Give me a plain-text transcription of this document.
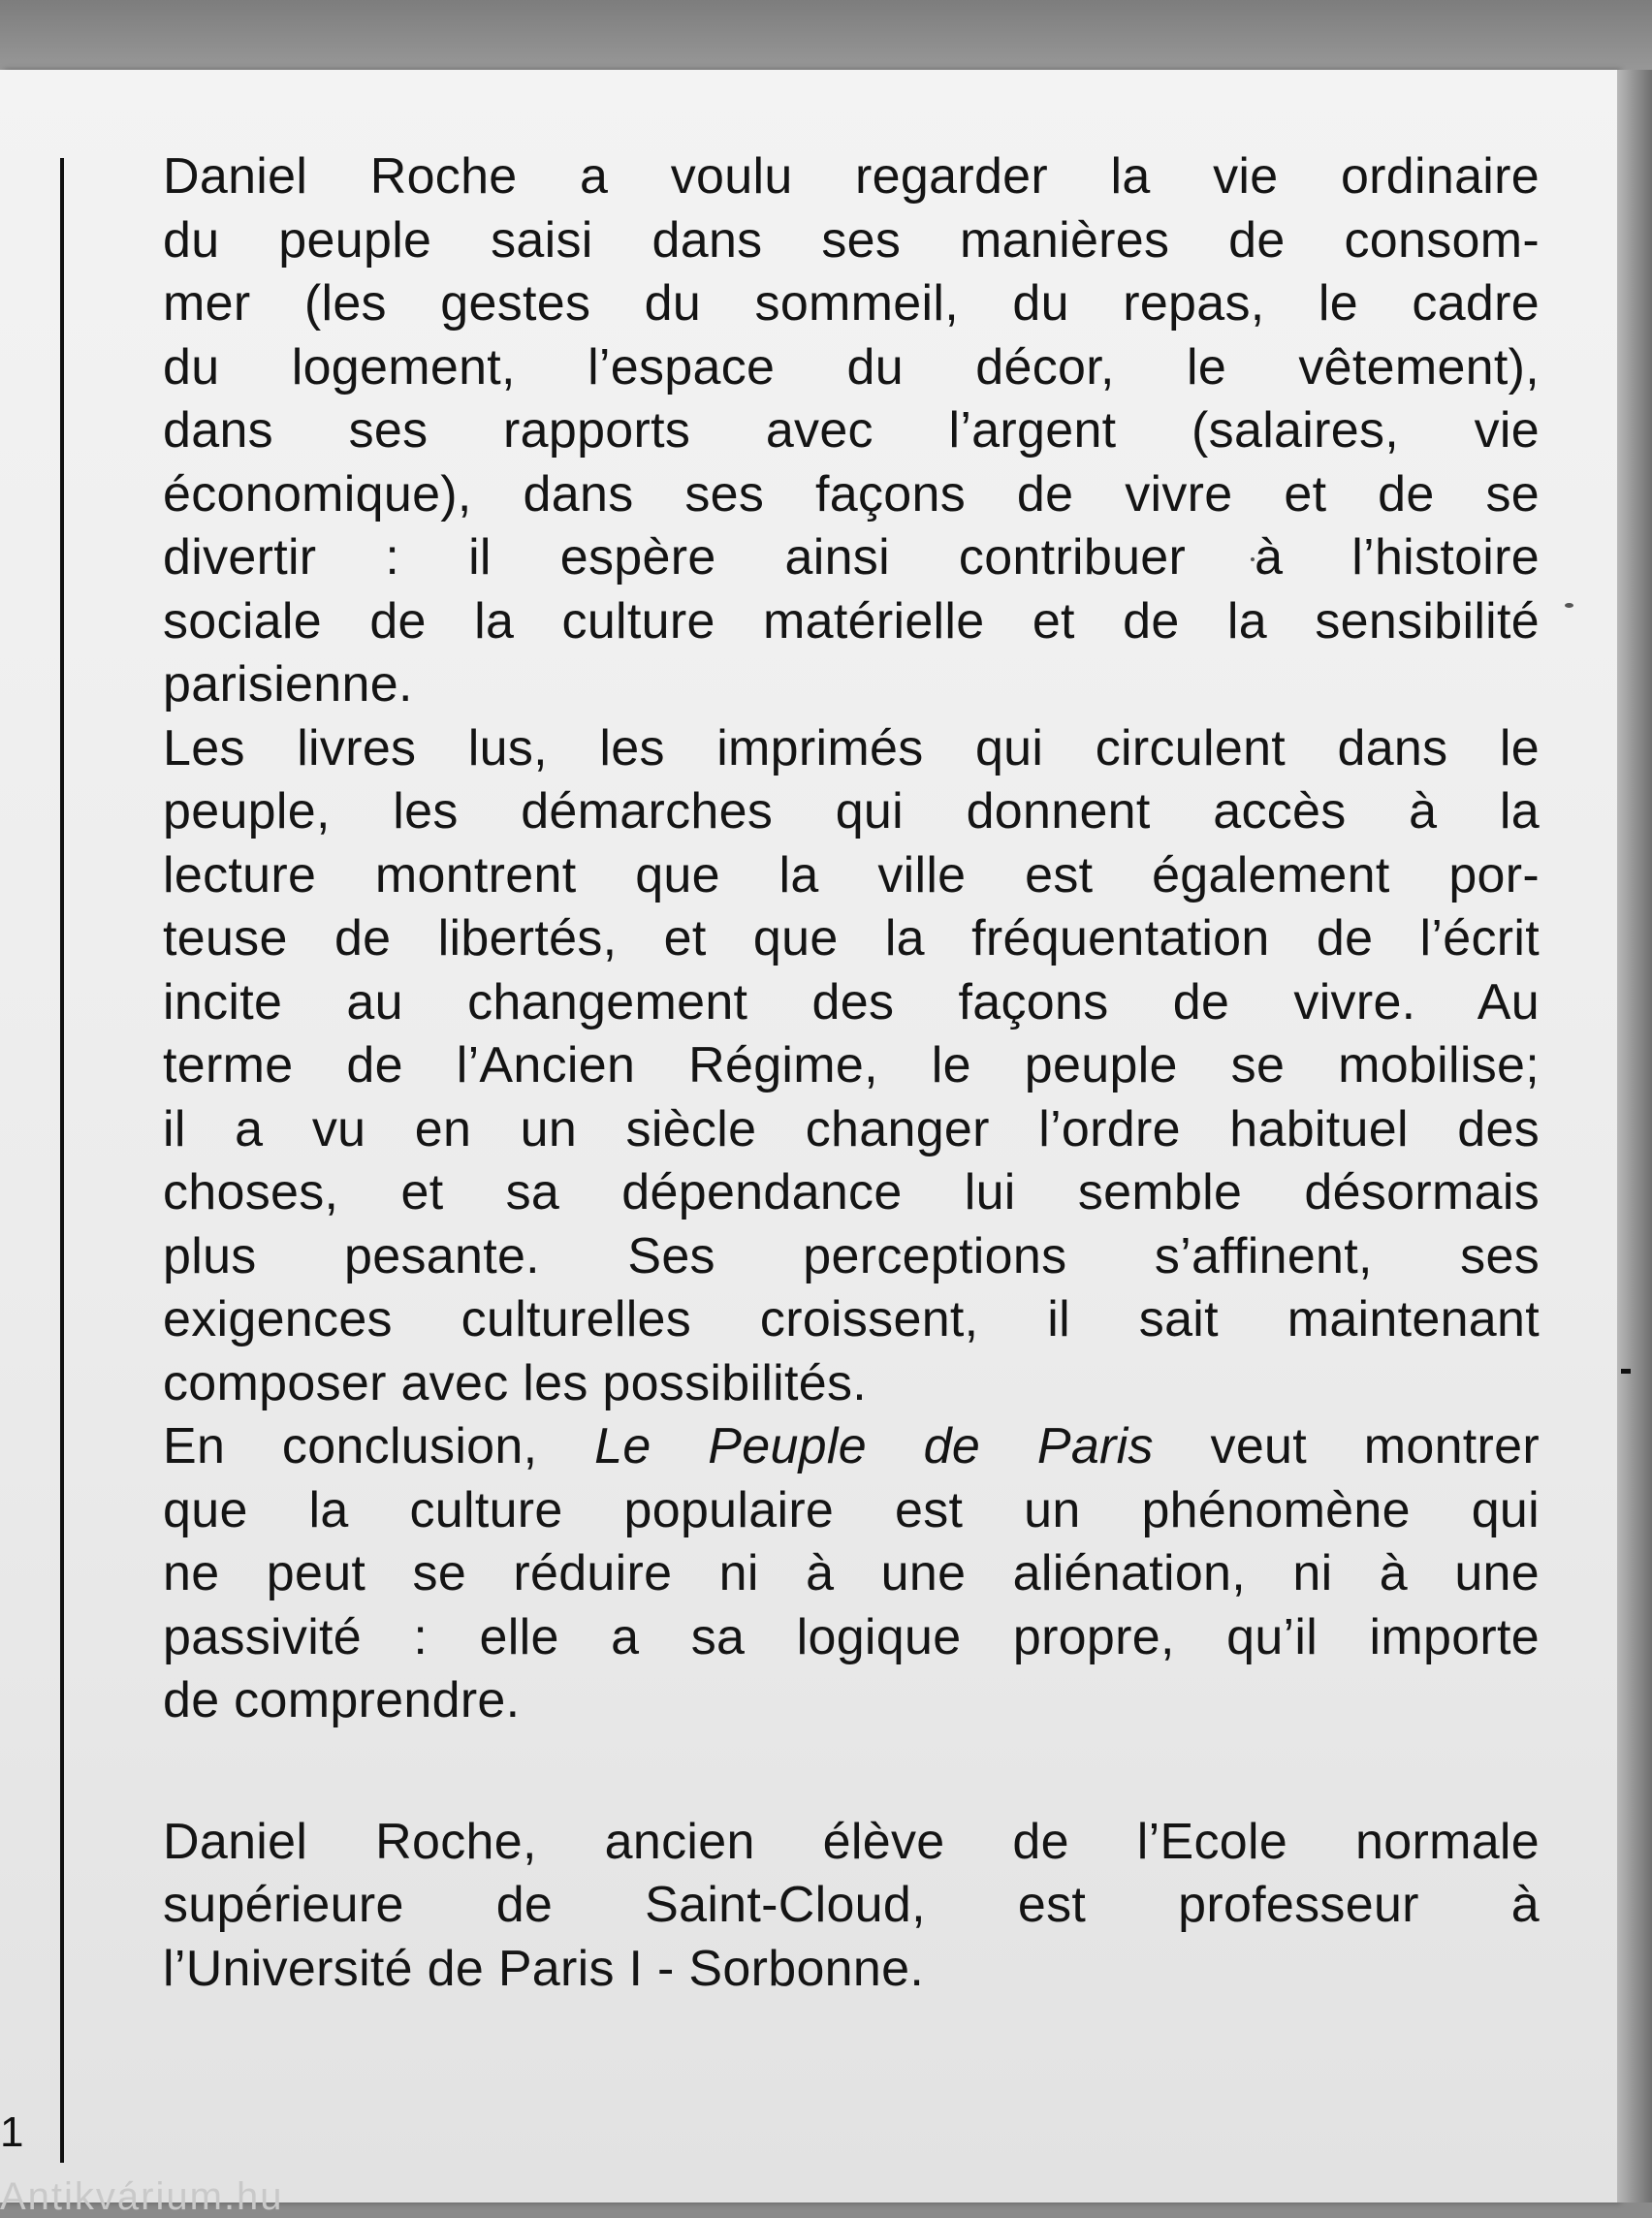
Daniel Roche a voulu regarder la vie ordinaire
du peuple saisi dans ses manières de consom-
mer (les gestes du sommeil, du repas, le cadre
du logement, l’espace du décor, le vêtement),
dans ses rapports avec l’argent (salaires, vie
économique), dans ses façons de vivre et de se
divertir : il espère ainsi contribuer à l’histoire
sociale de la culture matérielle et de la sensibilité
parisienne.
Les livres lus, les imprimés qui circulent dans le
peuple, les démarches qui donnent accès à la
lecture montrent que la ville est également por-
teuse de libertés, et que la fréquentation de l’écrit
incite au changement des façons de vivre. Au
terme de l’Ancien Régime, le peuple se mobilise;
il a vu en un siècle changer l’ordre habituel des
choses, et sa dépendance lui semble désormais
plus pesante. Ses perceptions s’affinent, ses
exigences culturelles croissent, il sait maintenant
composer avec les possibilités.
En conclusion, Le Peuple de Paris veut montrer
que la culture populaire est un phénomène qui
ne peut se réduire ni à une aliénation, ni à une
passivité : elle a sa logique propre, qu’il importe
de comprendre.
Daniel Roche, ancien élève de l’Ecole normale
supérieure de Saint-Cloud, est professeur à
l’Université de Paris I - Sorbonne.
1
Antikvárium.hu
